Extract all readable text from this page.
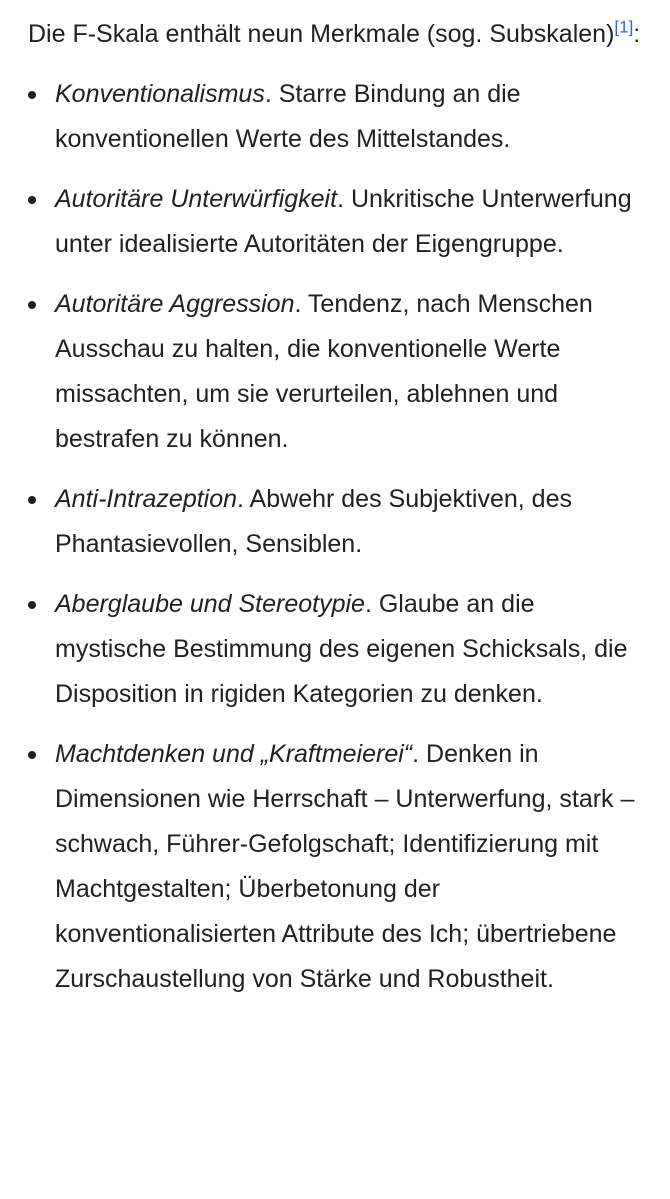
Die F-Skala enthält neun Merkmale (sog. Subskalen)[1]:

Konventionalismus. Starre Bindung an die konventionellen Werte des Mittelstandes.
Autoritäre Unterwürfigkeit. Unkritische Unterwerfung unter idealisierte Autoritäten der Eigengruppe.
Autoritäre Aggression. Tendenz, nach Menschen Ausschau zu halten, die konventionelle Werte missachten, um sie verurteilen, ablehnen und bestrafen zu können.
Anti-Intrazeption. Abwehr des Subjektiven, des Phantasievollen, Sensiblen.
Aberglaube und Stereotypie. Glaube an die mystische Bestimmung des eigenen Schicksals, die Disposition in rigiden Kategorien zu denken.
Machtdenken und „Kraftmeierei“. Denken in Dimensionen wie Herrschaft – Unterwerfung, stark – schwach, Führer-Gefolgschaft; Identifizierung mit Machtgestalten; Überbetonung der konventionalisierten Attribute des Ich; übertriebene Zurschaustellung von Stärke und Robustheit.
